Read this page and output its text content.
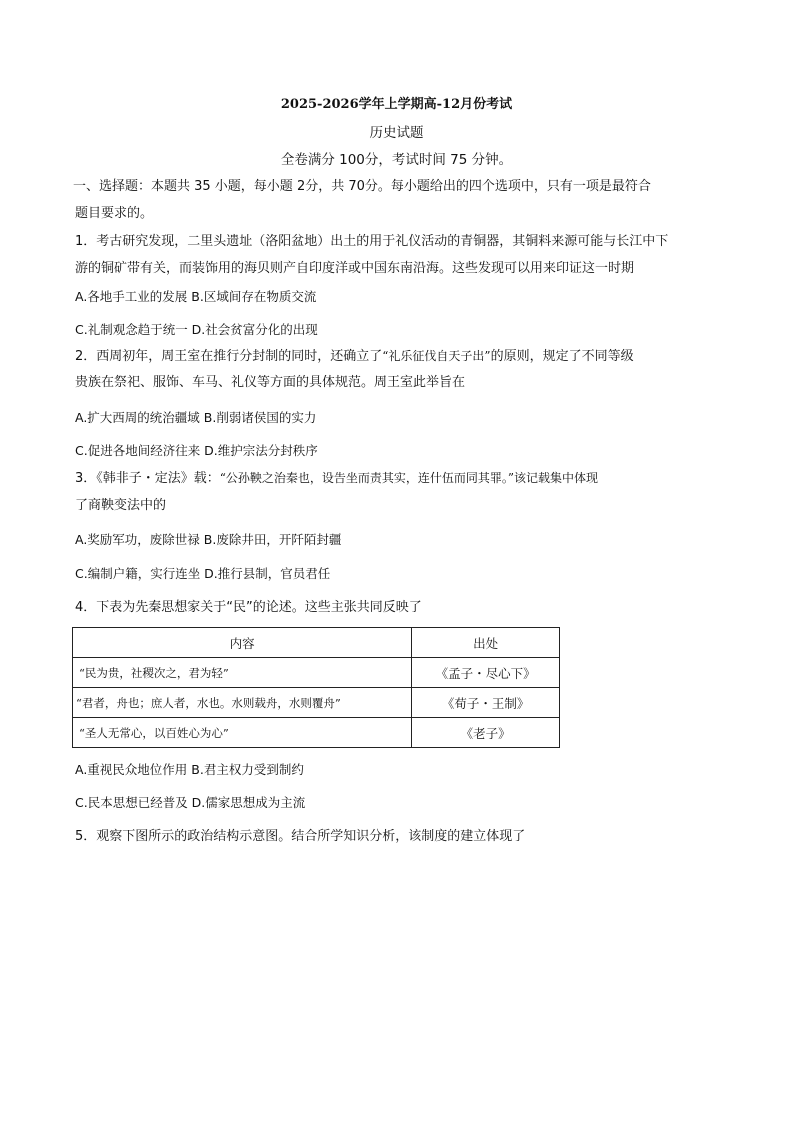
2025-2026学年上学期高-12月份考试
历史试题
全卷满分 100分，考试时间 75 分钟。
一、选择题：本题共 35 小题，每小题 2分，共 70分。每小题给出的四个选项中，只有一项是最符合
题目要求的。
1．考古研究发现，二里头遗址（洛阳盆地）出土的用于礼仪活动的青铜器，其铜料来源可能与长江中下
游的铜矿带有关，而装饰用的海贝则产自印度洋或中国东南沿海。这些发现可以用来印证这一时期
A.各地手工业的发展 B.区域间存在物质交流
C.礼制观念趋于统一 D.社会贫富分化的出现
2．西周初年，周王室在推行分封制的同时，还确立了“礼乐征伐自天子出”的原则，规定了不同等级
贵族在祭祀、服饰、车马、礼仪等方面的具体规范。周王室此举旨在
A.扩大西周的统治疆域 B.削弱诸侯国的实力
C.促进各地间经济往来 D.维护宗法分封秩序
3．《韩非子・定法》载：“公孙鞅之治秦也，设告坐而责其实，连什伍而同其罪。”该记载集中体现
了商鞅变法中的
A.奖励军功，废除世禄 B.废除井田，开阡陌封疆
C.编制户籍，实行连坐 D.推行县制，官员君任
4．下表为先秦思想家关于“民”的论述。这些主张共同反映了
内容	出处
“民为贵，社稷次之，君为轻”	《孟子・尽心下》
“君者，舟也；庶人者，水也。水则载舟，水则覆舟”	《荀子・王制》
“圣人无常心，以百姓心为心”	《老子》
A.重视民众地位作用 B.君主权力受到制约
C.民本思想已经普及 D.儒家思想成为主流
5．观察下图所示的政治结构示意图。结合所学知识分析，该制度的建立体现了
